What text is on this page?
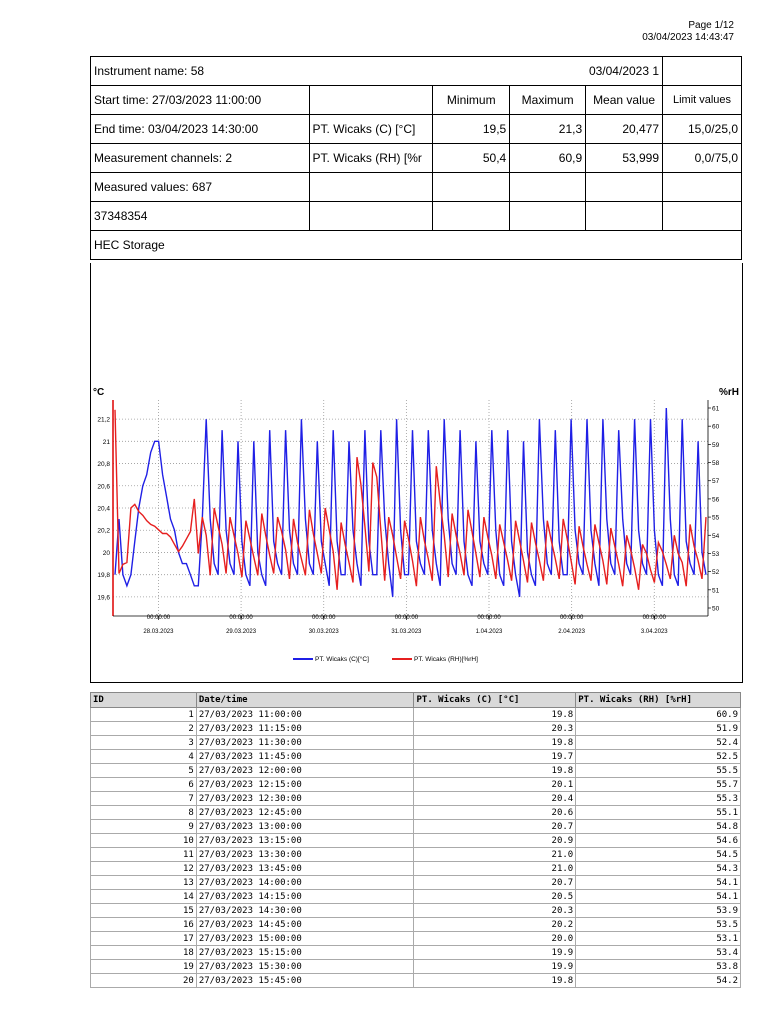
Page 1/12
03/04/2023 14:43:47
Instrument name: 58 03/04/2023 1					

Start time: 27/03/2023 11:00:00		Minimum	Maximum	Mean value	Limit values
End time: 03/04/2023 14:30:00	PT. Wicaks (C) [°C]	19,5	21,3	20,477	15,0/25,0
Measurement channels: 2	PT. Wicaks (RH) [%r	50,4	60,9	53,999	0,0/75,0
Measured values: 687					
37348354					
HEC Storage					
°C	%rH
19,6
19,8
20
20,2
20,4
20,6
20,8
21
21,2
50
51
52
53
54
55
56
57
58
59
60
61
00:00:00
28.03.2023
00:00:00
29.03.2023
00:00:00
30.03.2023
00:00:00
31.03.2023
00:00:00
1.04.2023
00:00:00
2.04.2023
00:00:00
3.04.2023
PT. Wicaks (C)[°C]	PT. Wicaks (RH)[%rH]
ID	Date/time	PT. Wicaks (C) [°C]	PT. Wicaks (RH) [%rH]
1	27/03/2023 11:00:00	19.8	60.9
2	27/03/2023 11:15:00	20.3	51.9
3	27/03/2023 11:30:00	19.8	52.4
4	27/03/2023 11:45:00	19.7	52.5
5	27/03/2023 12:00:00	19.8	55.5
6	27/03/2023 12:15:00	20.1	55.7
7	27/03/2023 12:30:00	20.4	55.3
8	27/03/2023 12:45:00	20.6	55.1
9	27/03/2023 13:00:00	20.7	54.8
10	27/03/2023 13:15:00	20.9	54.6
11	27/03/2023 13:30:00	21.0	54.5
12	27/03/2023 13:45:00	21.0	54.3
13	27/03/2023 14:00:00	20.7	54.1
14	27/03/2023 14:15:00	20.5	54.1
15	27/03/2023 14:30:00	20.3	53.9
16	27/03/2023 14:45:00	20.2	53.5
17	27/03/2023 15:00:00	20.0	53.1
18	27/03/2023 15:15:00	19.9	53.4
19	27/03/2023 15:30:00	19.9	53.8
20	27/03/2023 15:45:00	19.8	54.2
